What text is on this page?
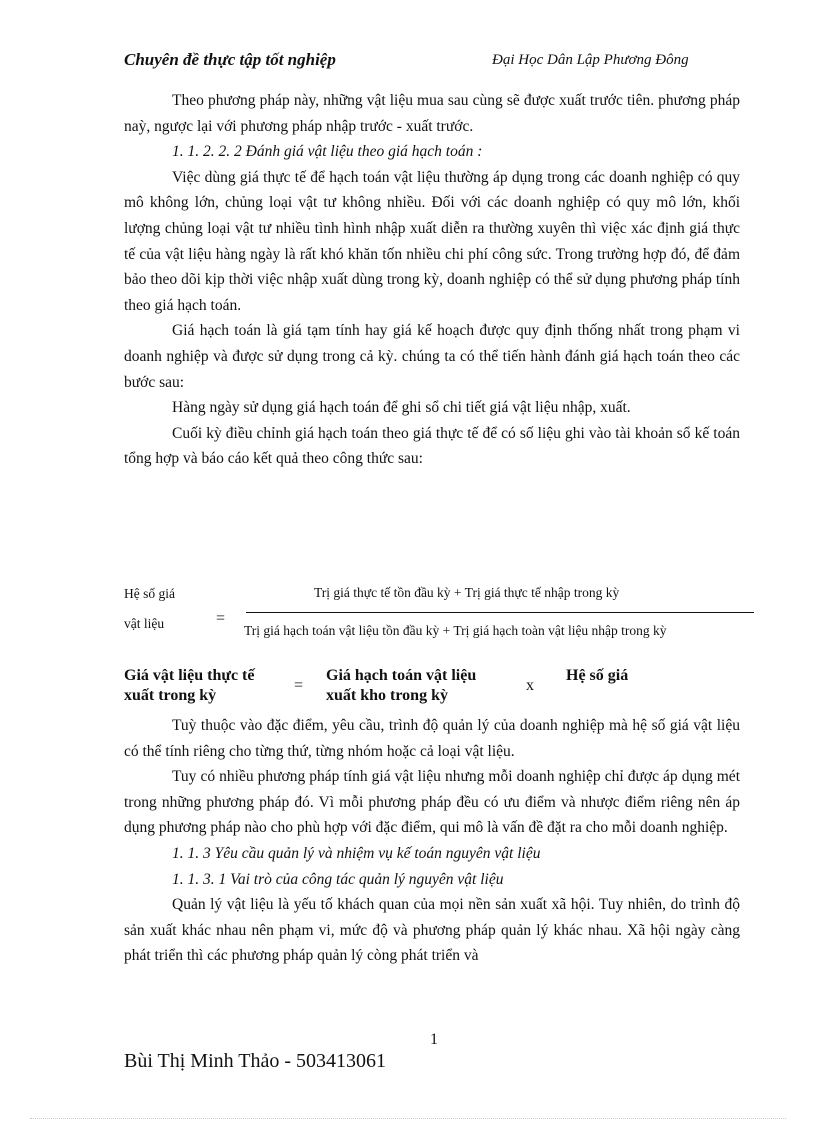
Chuyên đề thực tập tốt nghiệp	Đại Học Dân Lập Phương Đông

Theo phương pháp này, những vật liệu mua sau cùng sẽ được xuất trước tiên. phương pháp naỳ, ngược lại với phương pháp nhập trước - xuất trước.

1. 1. 2. 2. 2 Đánh giá vật liệu theo giá hạch toán :

Việc dùng giá thực tế để hạch toán vật liệu thường áp dụng trong các doanh nghiệp có quy mô không lớn, chủng loại vật tư không nhiều. Đối với các doanh nghiệp có quy mô lớn, khối lượng chủng loại vật tư nhiều tình hình nhập xuất diễn ra thường xuyên thì việc xác định giá thực tế của vật liệu hàng ngày là rất khó khăn tốn nhiều chi phí công sức. Trong trường hợp đó, để đảm bảo theo dõi kịp thời việc nhập xuất dùng trong kỳ, doanh nghiệp có thể sử dụng phương pháp tính theo giá hạch toán.

Giá hạch toán là giá tạm tính hay giá kế hoạch được quy định thống nhất trong phạm vi doanh nghiệp và được sử dụng trong cả kỳ. chúng ta có thể tiến hành đánh giá hạch toán theo các bước sau:

Hàng ngày sử dụng giá hạch toán để ghi sổ chi tiết giá vật liệu nhập, xuất.

Cuối kỳ điều chỉnh giá hạch toán theo giá thực tế để có số liệu ghi vào tài khoản sổ kế toán tổng hợp và báo cáo kết quả theo công thức sau:

Hệ số giá
vật liệu	=
Trị giá thực tế tồn đầu kỳ + Trị giá thực tế nhập trong kỳ
Trị giá hạch toán vật liệu tồn đầu kỳ + Trị giá hạch toàn vật liệu nhập trong kỳ
Giá vật liệu thực tế
xuất trong kỳ
=
Giá hạch toán vật liệu
xuất kho trong kỳ
x
Hệ số giá

Tuỳ thuộc vào đặc điểm, yêu cầu, trình độ quản lý của doanh nghiệp mà hệ số giá vật liệu có thể tính riêng cho từng thứ, từng nhóm hoặc cả loại vật liệu.

Tuy có nhiều phương pháp tính giá vật liệu nhưng mỗi doanh nghiệp chỉ được áp dụng mét trong những phương pháp đó. Vì mỗi phương pháp đều có ưu điểm và nhược điểm riêng nên áp dụng phương pháp nào cho phù hợp với đặc điểm, qui mô là vấn đề đặt ra cho mỗi doanh nghiệp.

1. 1. 3 Yêu cầu quản lý và nhiệm vụ kế toán nguyên vật liệu

1. 1. 3. 1 Vai trò của công tác quản lý nguyên vật liệu

Quản lý vật liệu là yếu tố khách quan của mọi nền sản xuất xã hội. Tuy nhiên, do trình độ sản xuất khác nhau nên phạm vi, mức độ và phương pháp quản lý khác nhau. Xã hội ngày càng phát triển thì các phương pháp quản lý còng phát triển và

1
Bùi Thị Minh Thảo - 503413061
